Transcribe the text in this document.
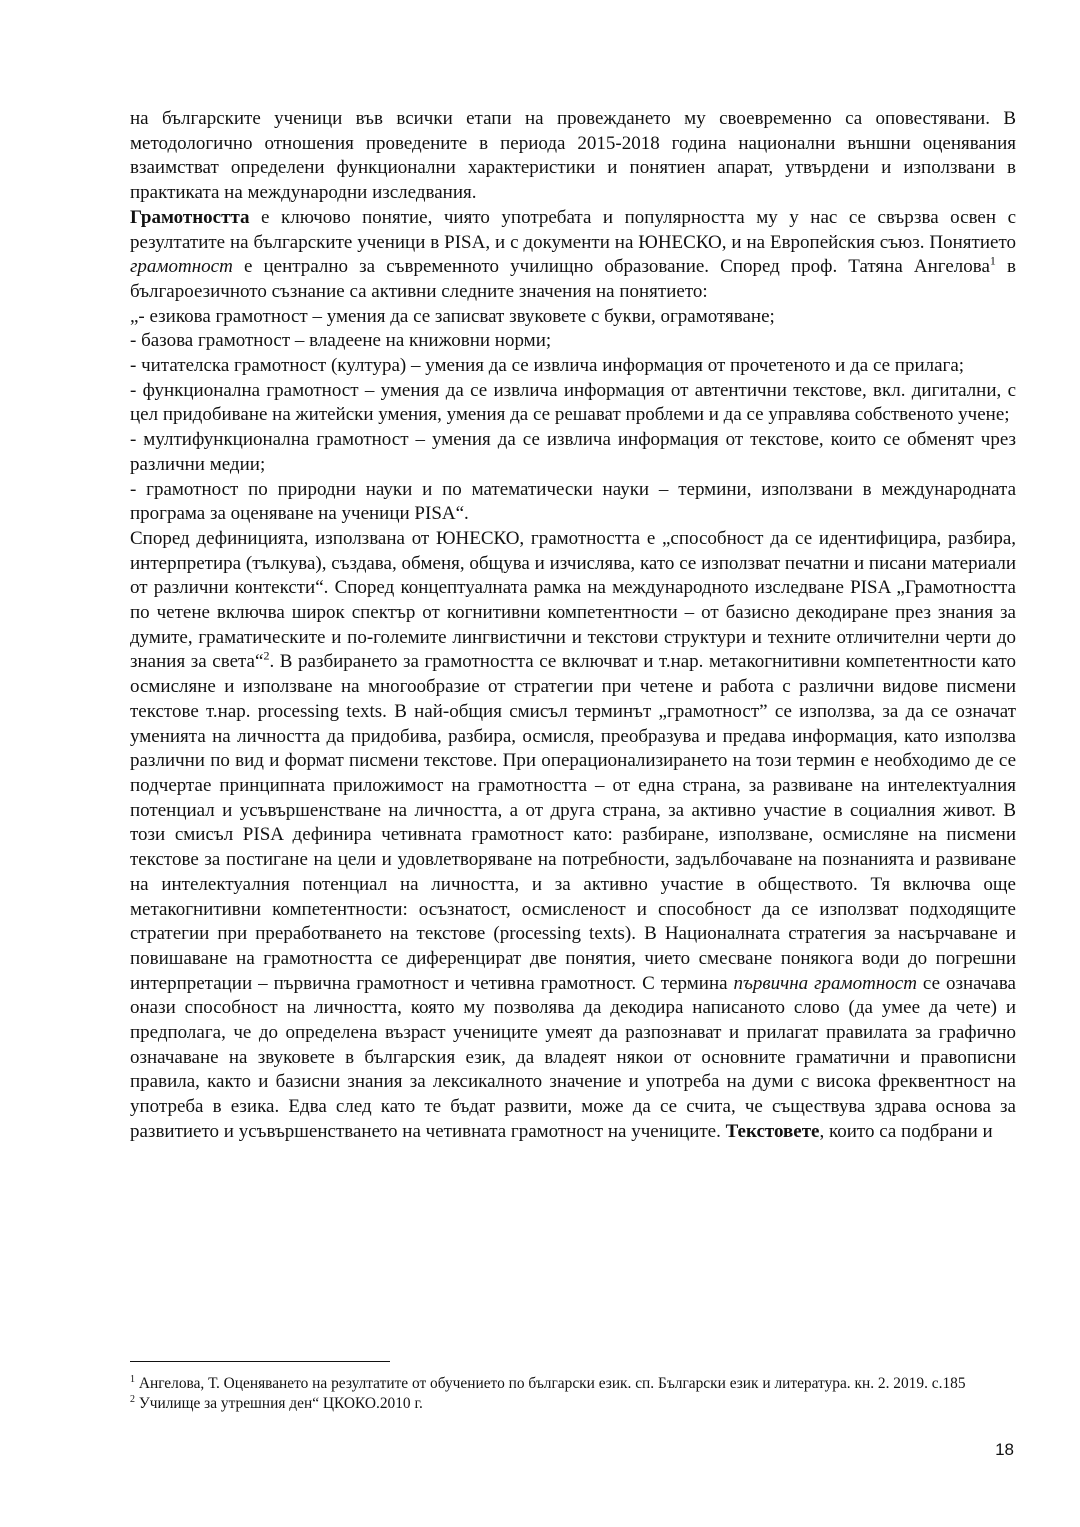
на българските ученици във всички етапи на провеждането му своевременно са оповестявани. В методологично отношения проведените в периода 2015-2018 година национални външни оценявания взаимстват определени функционални характеристики и понятиен апарат, утвърдени и използвани в практиката на международни изследвания.

Грамотността е ключово понятие, чиято употребата и популярността му у нас се свързва освен с резултатите на българските ученици в PISA, и с документи на ЮНЕСКО, и на Европейския съюз. Понятието грамотност е централно за съвременното училищно образование. Според проф. Татяна Ангелова$^1$ в българоезичното съзнание са активни следните значения на понятието:

„- езикова грамотност – умения да се записват звуковете с букви, ограмотяване;

- базова грамотност – владеене на книжовни норми;

- читателска грамотност (култура) – умения да се извлича информация от прочетеното и да се прилага;

- функционална грамотност – умения да се извлича информация от автентични текстове, вкл. дигитални, с цел придобиване на житейски умения, умения да се решават проблеми и да се управлява собственото учене;

- мултифункционална грамотност – умения да се извлича информация от текстове, които се обменят чрез различни медии;

- грамотност по природни науки и по математически науки – термини, използвани в международната програма за оценяване на ученици PISA“.

Според дефиницията, използвана от ЮНЕСКО, грамотността е „способност да се идентифицира, разбира, интерпретира (тълкува), създава, обменя, общува и изчислява, като се използват печатни и писани материали от различни контексти“. Според концептуалната рамка на международното изследване PISA „Грамотността по четене включва широк спектър от когнитивни компетентности – от базисно декодиране през знания за думите, граматическите и по-големите лингвистични и текстови структури и техните отличителни черти до знания за света“$^2$. В разбирането за грамотността се включват и т.нар. метакогнитивни компетентности като осмисляне и използване на многообразие от стратегии при четене и работа с различни видове писмени текстове т.нар. processing texts. В най-общия смисъл терминът „грамотност” се използва, за да се означат уменията на личността да придобива, разбира, осмисля, преобразува и предава информация, като използва различни по вид и формат писмени текстове. При операционализирането на този термин е необходимо де се подчертае принципната приложимост на грамотността – от една страна, за развиване на интелектуалния потенциал и усъвършенстване на личността, а от друга страна, за активно участие в социалния живот. В този смисъл PISA дефинира четивната грамотност като: разбиране, използване, осмисляне на писмени текстове за постигане на цели и удовлетворяване на потребности, задълбочаване на познанията и развиване на интелектуалния потенциал на личността, и за активно участие в обществото. Тя включва още метакогнитивни компетентности: осъзнатост, осмисленост и способност да се използват подходящите стратегии при преработването на текстове (processing texts). В Националната стратегия за насърчаване и повишаване на грамотността се диференцират две понятия, чието смесване понякога води до погрешни интерпретации – първична грамотност и четивна грамотност. С термина първична грамотност се означава онази способност на личността, която му позволява да декодира написаното слово (да умее да чете) и предполага, че до определена възраст учениците умеят да разпознават и прилагат правилата за графично означаване на звуковете в българския език, да владеят някои от основните граматични и правописни правила, както и базисни знания за лексикалното значение и употреба на думи с висока фреквентност на употреба в езика. Едва след като те бъдат развити, може да се счита, че съществува здрава основа за развитието и усъвършенстването на четивната грамотност на учениците. Текстовете, които са подбрани и

$^1$ Ангелова, Т. Оценяването на резултатите от обучението по български език. сп. Български език и литература. кн. 2. 2019. с.185

$^2$ Училище за утрешния ден“ ЦКОКО.2010 г.

18
